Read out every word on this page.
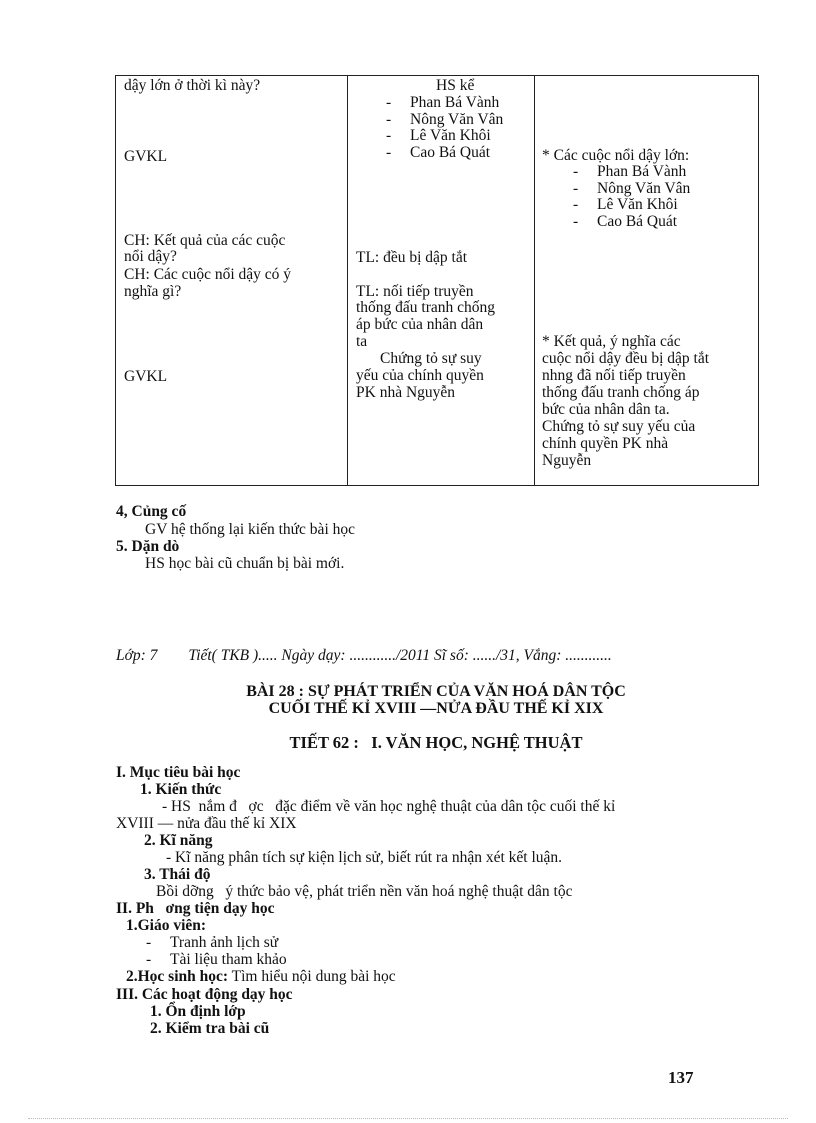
dậy lớn ở thời kì này?
GVKL
CH: Kết quả của các cuộc
nổi dậy?
CH: Các cuộc nổi dậy có ý
nghĩa gì?
GVKL
HS kể
- Phan Bá Vành
- Nông Văn Vân
- Lê Văn Khôi
- Cao Bá Quát
TL: đều bị dập tắt
TL: nối tiếp truyền
thống đấu tranh chống
áp bức của nhân dân
ta
Chứng tỏ sự suy
yếu của chính quyền
PK nhà Nguyễn
* Các cuộc nổi dậy lớn:
- Phan Bá Vành
- Nông Văn Vân
- Lê Văn Khôi
- Cao Bá Quát
* Kết quả, ý nghĩa các
cuộc nổi dậy đều bị dập tắt
nhng đã nối tiếp truyền
thống đấu tranh chống áp
bức của nhân dân ta.
Chứng tỏ sự suy yếu của
chính quyền PK nhà
Nguyễn
4, Củng cố
GV hệ thống lại kiến thức bài học
5. Dặn dò
HS học bài cũ chuẩn bị bài mới.
Lớp: 7        Tiết( TKB )..... Ngày dạy: ............/2011 Sĩ số: ....../31, Vắng: ............
BÀI 28 : SỰ PHÁT TRIỂN CỦA VĂN HOÁ DÂN TỘC
CUỐI THẾ KỈ XVIII —NỬA ĐẦU THẾ KỈ XIX
TIẾT 62 :   I. VĂN HỌC, NGHỆ THUẬT
I. Mục tiêu bài học
1. Kiến thức
- HS  nắm đ   ợc   đặc điểm về văn học nghệ thuật của dân tộc cuối thế kỉ
XVIII — nửa đầu thế kỉ XIX
2. Kĩ năng
- Kĩ năng phân tích sự kiện lịch sử, biết rút ra nhận xét kết luận.
3. Thái độ
Bồi dỡng   ý thức bảo vệ, phát triển nền văn hoá nghệ thuật dân tộc
II. Ph   ơng tiện dạy học
1.Giáo viên:
- Tranh ảnh lịch sử
- Tài liệu tham khảo
2.Học sinh học: Tìm hiểu nội dung bài học
III. Các hoạt động dạy học
1. Ổn định lớp
2. Kiểm tra bài cũ
137
